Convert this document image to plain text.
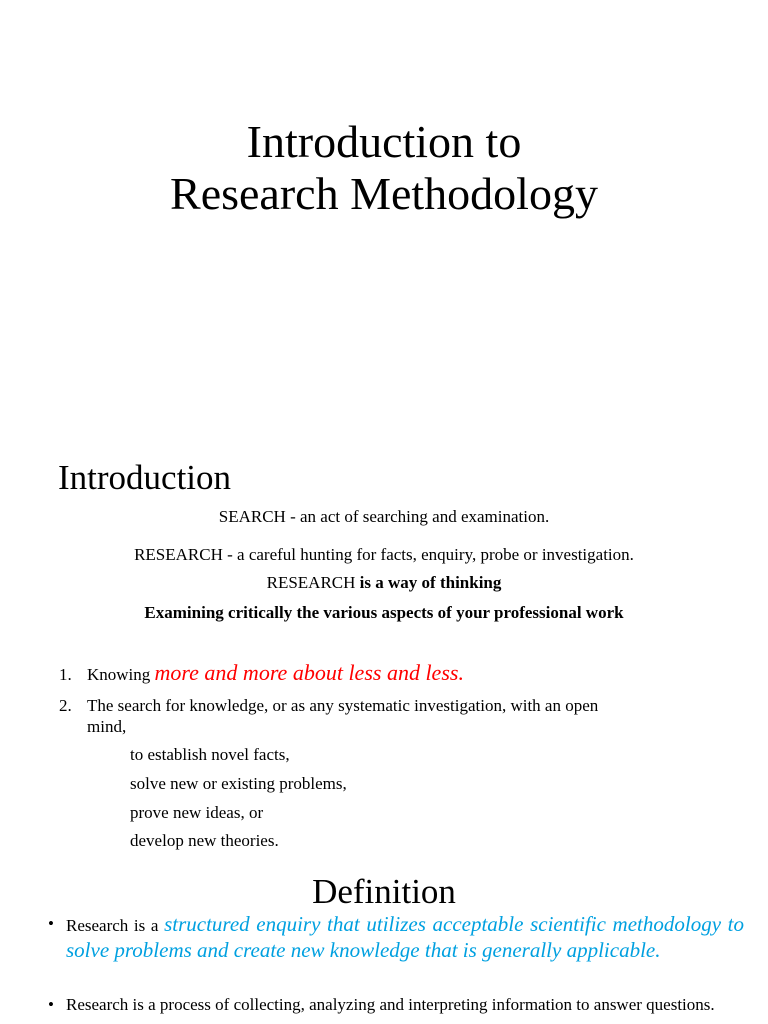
Introduction to
Research Methodology
Introduction
SEARCH - an act of searching and examination.
RESEARCH - a careful hunting for facts, enquiry, probe or investigation.
RESEARCH is a way of thinking
Examining critically the various aspects of your professional work
1. Knowing more and more about less and less.
2. The search for knowledge, or as any systematic investigation, with an open
mind,
to establish novel facts,
solve new or existing problems,
prove new ideas, or
develop new theories.
Definition
• Research is a structured enquiry that utilizes acceptable scientific methodology to solve problems and create new knowledge that is generally applicable.
• Research is a process of collecting, analyzing and interpreting information to answer questions.
